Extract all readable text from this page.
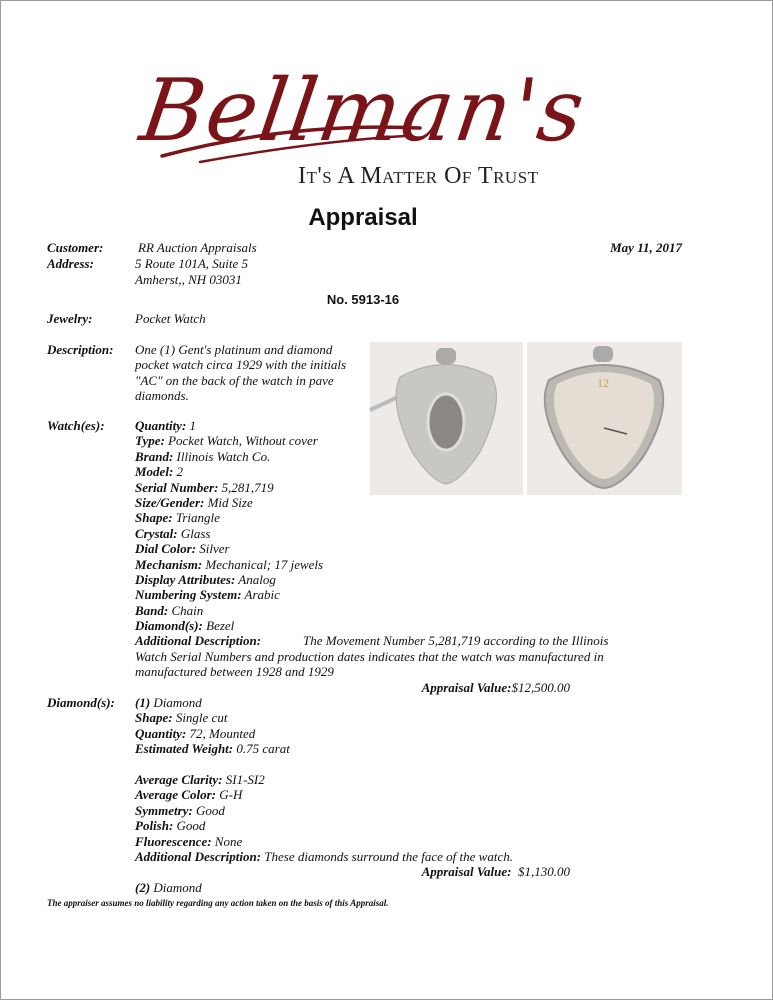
Bellman's
It's A Matter Of Trust
Appraisal
Customer:	RR Auction Appraisals	May 11, 2017
Address:	5 Route 101A, Suite 5
Amherst,, NH 03031
No. 5913-16
Jewelry:	Pocket Watch
Description: One (1) Gent's platinum and diamond
pocket watch circa 1929 with the initials
"AC" on the back of the watch in pave
diamonds.
12
Watch(es): Quantity: 1
Type: Pocket Watch, Without cover
Brand: Illinois Watch Co.
Model: 2
Serial Number: 5,281,719
Size/Gender: Mid Size
Shape: Triangle
Crystal: Glass
Dial Color: Silver
Mechanism: Mechanical; 17 jewels
Display Attributes: Analog
Numbering System: Arabic
Band: Chain
Diamond(s): Bezel
Additional Description:	The Movement Number 5,281,719 according to the Illinois
Watch Serial Numbers and production dates indicates that the watch was manufactured in
manufactured between 1928 and 1929
Appraisal Value:$12,500.00
Diamond(s): (1) Diamond
Shape: Single cut
Quantity: 72, Mounted
Estimated Weight: 0.75 carat
Average Clarity: SI1-SI2
Average Color: G-H
Symmetry: Good
Polish: Good
Fluorescence: None
Additional Description: These diamonds surround the face of the watch.
Appraisal Value:  $1,130.00
(2) Diamond
The appraiser assumes no liability regarding any action taken on the basis of this Appraisal.
